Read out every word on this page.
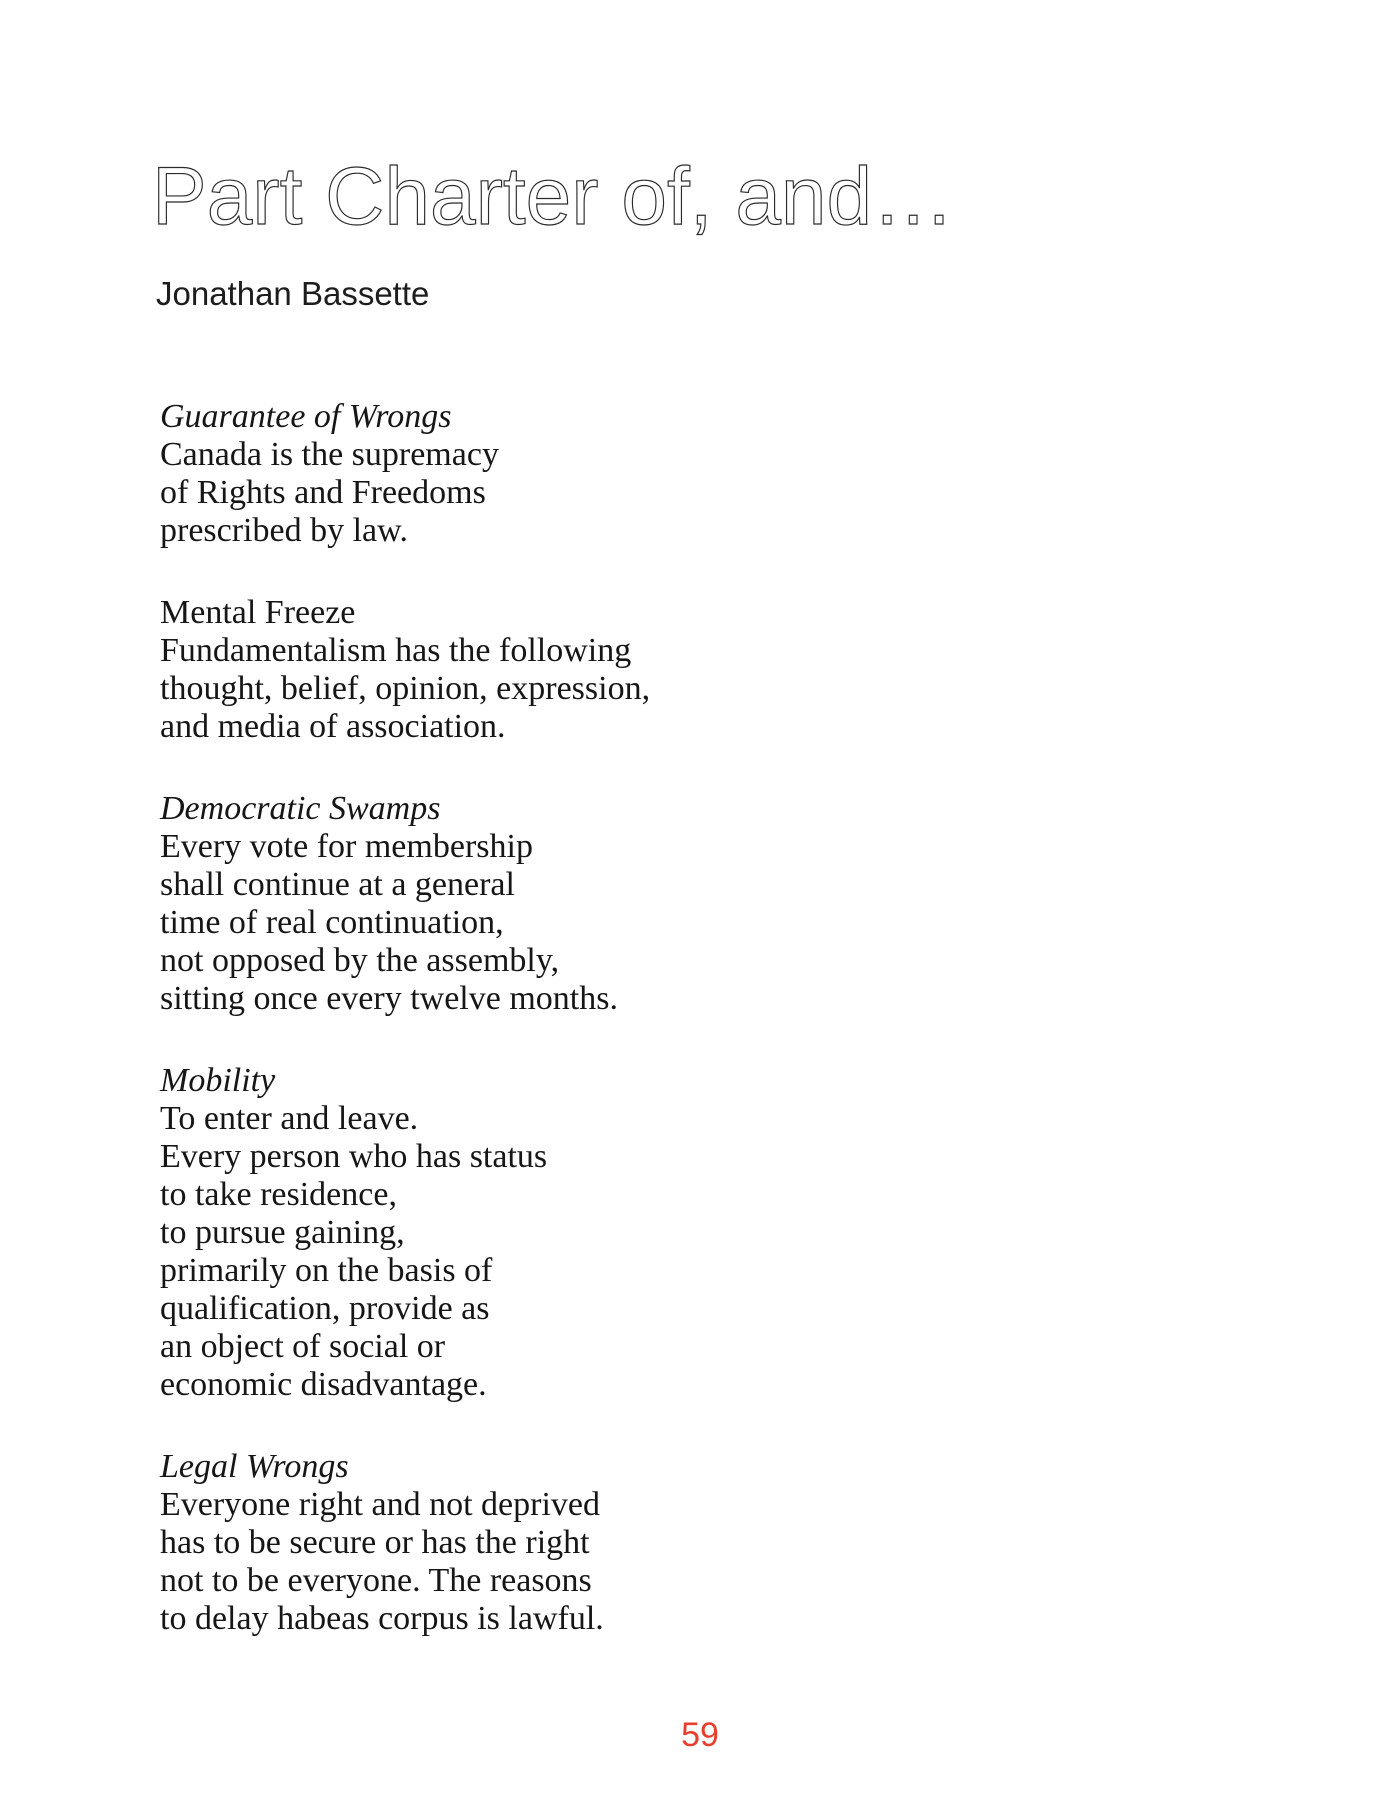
Part Charter of, and…
Jonathan Bassette
Guarantee of Wrongs
Canada is the supremacy
of Rights and Freedoms
prescribed by law.
Mental Freeze
Fundamentalism has the following
thought, belief, opinion, expression,
and media of association.
Democratic Swamps
Every vote for membership
shall continue at a general
time of real continuation,
not opposed by the assembly,
sitting once every twelve months.
Mobility
To enter and leave.
Every person who has status
to take residence,
to pursue gaining,
primarily on the basis of
qualification, provide as
an object of social or
economic disadvantage.
Legal Wrongs
Everyone right and not deprived
has to be secure or has the right
not to be everyone. The reasons
to delay habeas corpus is lawful.
59
